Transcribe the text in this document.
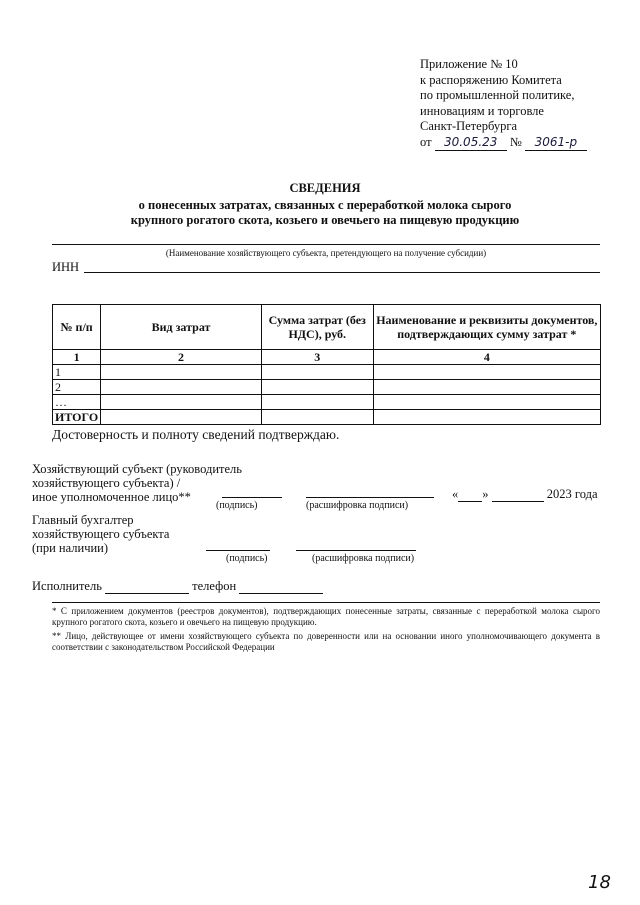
Приложение № 10
к распоряжению Комитета
по промышленной политике,
инновациям и торговле
Санкт-Петербурга
от 30.05.23 № 3061-р
СВЕДЕНИЯ
о понесенных затратах, связанных с переработкой молока сырого
крупного рогатого скота, козьего и овечьего на пищевую продукцию
(Наименование хозяйствующего субъекта, претендующего на получение субсидии)
ИНН
№ п/п	Вид затрат	Сумма затрат (без НДС), руб.	Наименование и реквизиты документов, подтверждающих сумму затрат *
1	2	3	4
1			
2			
…			
ИТОГО			
Достоверность и полноту сведений подтверждаю.
Хозяйствующий субъект (руководитель
хозяйствующего субъекта) /
иное уполномоченное лицо**
(подпись)	(расшифровка подписи)
« »	2023 года
Главный бухгалтер
хозяйствующего субъекта
(при наличии)
(подпись)	(расшифровка подписи)
Исполнитель	телефон
* С приложением документов (реестров документов), подтверждающих понесенные затраты, связанные с переработкой молока сырого крупного рогатого скота, козьего и овечьего на пищевую продукцию.
** Лицо, действующее от имени хозяйствующего субъекта по доверенности или на основании иного уполномочивающего документа в соответствии с законодательством Российской Федерации
18
